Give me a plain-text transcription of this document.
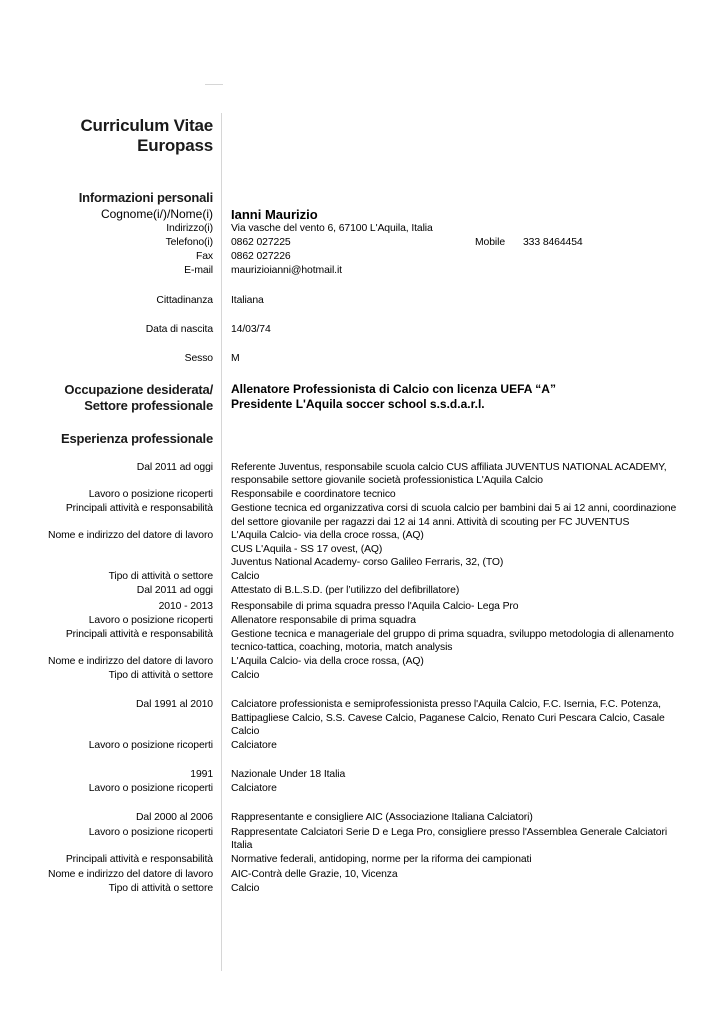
Curriculum Vitae
Europass
Informazioni personali
Cognome(i/)/Nome(i) Ianni Maurizio
Indirizzo(i) Via vasche del vento 6, 67100 L'Aquila, Italia
Telefono(i) 0862 027225	Mobile 333 8464454
Fax 0862 027226
E-mail maurizioianni@hotmail.it
Cittadinanza Italiana
Data di nascita 14/03/74
Sesso M
Occupazione desiderata/
Settore professionale
Allenatore Professionista di Calcio con licenza UEFA “A”
Presidente L'Aquila soccer school s.s.d.a.r.l.
Esperienza professionale
Dal 2011 ad oggi Referente Juventus, responsabile scuola calcio CUS affiliata JUVENTUS NATIONAL ACADEMY,
responsabile settore giovanile società professionistica L'Aquila Calcio
Lavoro o posizione ricoperti Responsabile e coordinatore tecnico
Principali attività e responsabilità Gestione tecnica ed organizzativa corsi di scuola calcio per bambini dai 5 ai 12 anni, coordinazione
del settore giovanile per ragazzi dai 12 ai 14 anni. Attività di scouting per FC JUVENTUS
Nome e indirizzo del datore di lavoro L'Aquila Calcio- via della croce rossa, (AQ)
CUS L'Aquila - SS 17 ovest, (AQ)
Juventus National Academy- corso Galileo Ferraris, 32, (TO)
Tipo di attività o settore Calcio
Dal 2011 ad oggi Attestato di B.L.S.D. (per l’utilizzo del defibrillatore)
2010 - 2013 Responsabile di prima squadra presso l'Aquila Calcio- Lega Pro
Lavoro o posizione ricoperti Allenatore responsabile di prima squadra
Principali attività e responsabilità Gestione tecnica e manageriale del gruppo di prima squadra, sviluppo metodologia di allenamento
tecnico-tattica, coaching, motoria, match analysis
Nome e indirizzo del datore di lavoro L'Aquila Calcio- via della croce rossa, (AQ)
Tipo di attività o settore Calcio
Dal 1991 al 2010 Calciatore professionista e semiprofessionista presso l'Aquila Calcio, F.C. Isernia, F.C. Potenza,
Battipagliese Calcio, S.S. Cavese Calcio, Paganese Calcio, Renato Curi Pescara Calcio, Casale
Calcio
Lavoro o posizione ricoperti Calciatore
1991 Nazionale Under 18 Italia
Lavoro o posizione ricoperti Calciatore
Dal 2000 al 2006 Rappresentante e consigliere AIC (Associazione Italiana Calciatori)
Lavoro o posizione ricoperti Rappresentate Calciatori Serie D e Lega Pro, consigliere presso l'Assemblea Generale Calciatori
Italia
Principali attività e responsabilità Normative federali, antidoping, norme per la riforma dei campionati
Nome e indirizzo del datore di lavoro AIC-Contrà delle Grazie, 10, Vicenza
Tipo di attività o settore Calcio
